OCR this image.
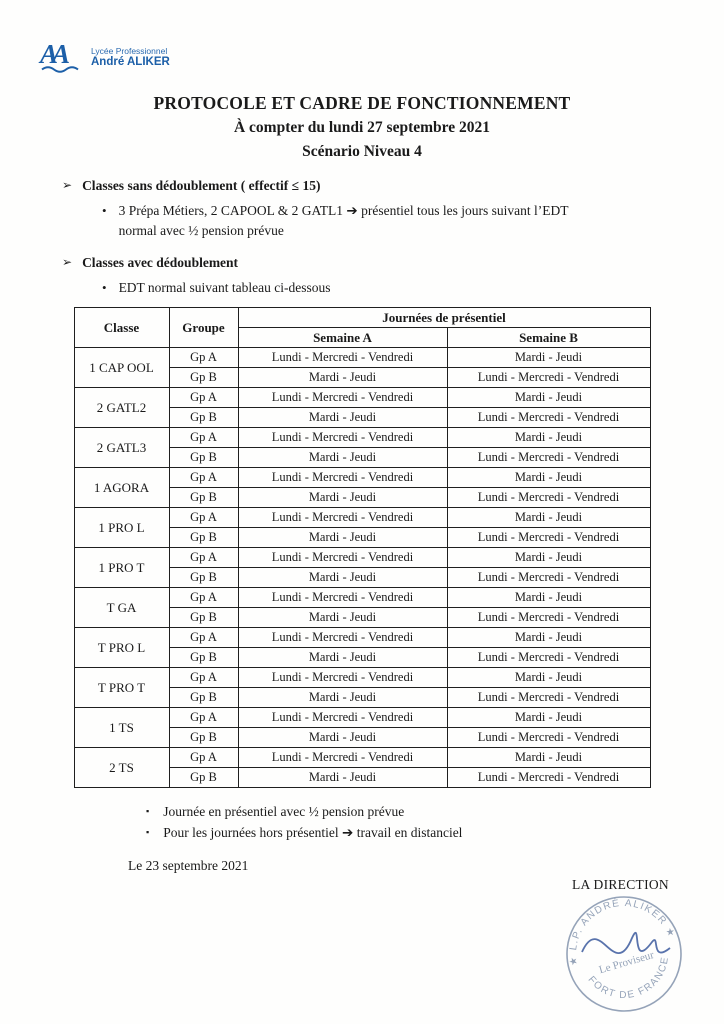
AA	Lycée Professionnel
André ALIKER
PROTOCOLE ET CADRE DE FONCTIONNEMENT
À compter du lundi 27 septembre 2021
Scénario Niveau 4
➢ Classes sans dédoublement ( effectif ≤ 15)
• 3 Prépa Métiers, 2 CAPOOL & 2 GATL1 ➔ présentiel tous les jours suivant l’EDT normal avec ½ pension prévue
➢ Classes avec dédoublement
• EDT normal suivant tableau ci-dessous
Classe	Groupe	Journées de présentiel	
		Semaine A	Semaine B
1 CAP OOL	Gp A	Lundi - Mercredi - Vendredi	Mardi - Jeudi
	Gp B	Mardi - Jeudi	Lundi - Mercredi - Vendredi
2 GATL2	Gp A	Lundi - Mercredi - Vendredi	Mardi - Jeudi
	Gp B	Mardi - Jeudi	Lundi - Mercredi - Vendredi
2 GATL3	Gp A	Lundi - Mercredi - Vendredi	Mardi - Jeudi
	Gp B	Mardi - Jeudi	Lundi - Mercredi - Vendredi
1 AGORA	Gp A	Lundi - Mercredi - Vendredi	Mardi - Jeudi
	Gp B	Mardi - Jeudi	Lundi - Mercredi - Vendredi
1 PRO L	Gp A	Lundi - Mercredi - Vendredi	Mardi - Jeudi
	Gp B	Mardi - Jeudi	Lundi - Mercredi - Vendredi
1 PRO T	Gp A	Lundi - Mercredi - Vendredi	Mardi - Jeudi
	Gp B	Mardi - Jeudi	Lundi - Mercredi - Vendredi
T GA	Gp A	Lundi - Mercredi - Vendredi	Mardi - Jeudi
	Gp B	Mardi - Jeudi	Lundi - Mercredi - Vendredi
T PRO L	Gp A	Lundi - Mercredi - Vendredi	Mardi - Jeudi
	Gp B	Mardi - Jeudi	Lundi - Mercredi - Vendredi
T PRO T	Gp A	Lundi - Mercredi - Vendredi	Mardi - Jeudi
	Gp B	Mardi - Jeudi	Lundi - Mercredi - Vendredi
1 TS	Gp A	Lundi - Mercredi - Vendredi	Mardi - Jeudi
	Gp B	Mardi - Jeudi	Lundi - Mercredi - Vendredi
2 TS	Gp A	Lundi - Mercredi - Vendredi	Mardi - Jeudi
	Gp B	Mardi - Jeudi	Lundi - Mercredi - Vendredi
▪ Journée en présentiel avec ½ pension prévue
▪ Pour les journées hors présentiel ➔ travail en distanciel
Le 23 septembre 2021
LA DIRECTION
★ L.P. ANDRÉ ALIKER ★
FORT DE FRANCE
Le Proviseur
